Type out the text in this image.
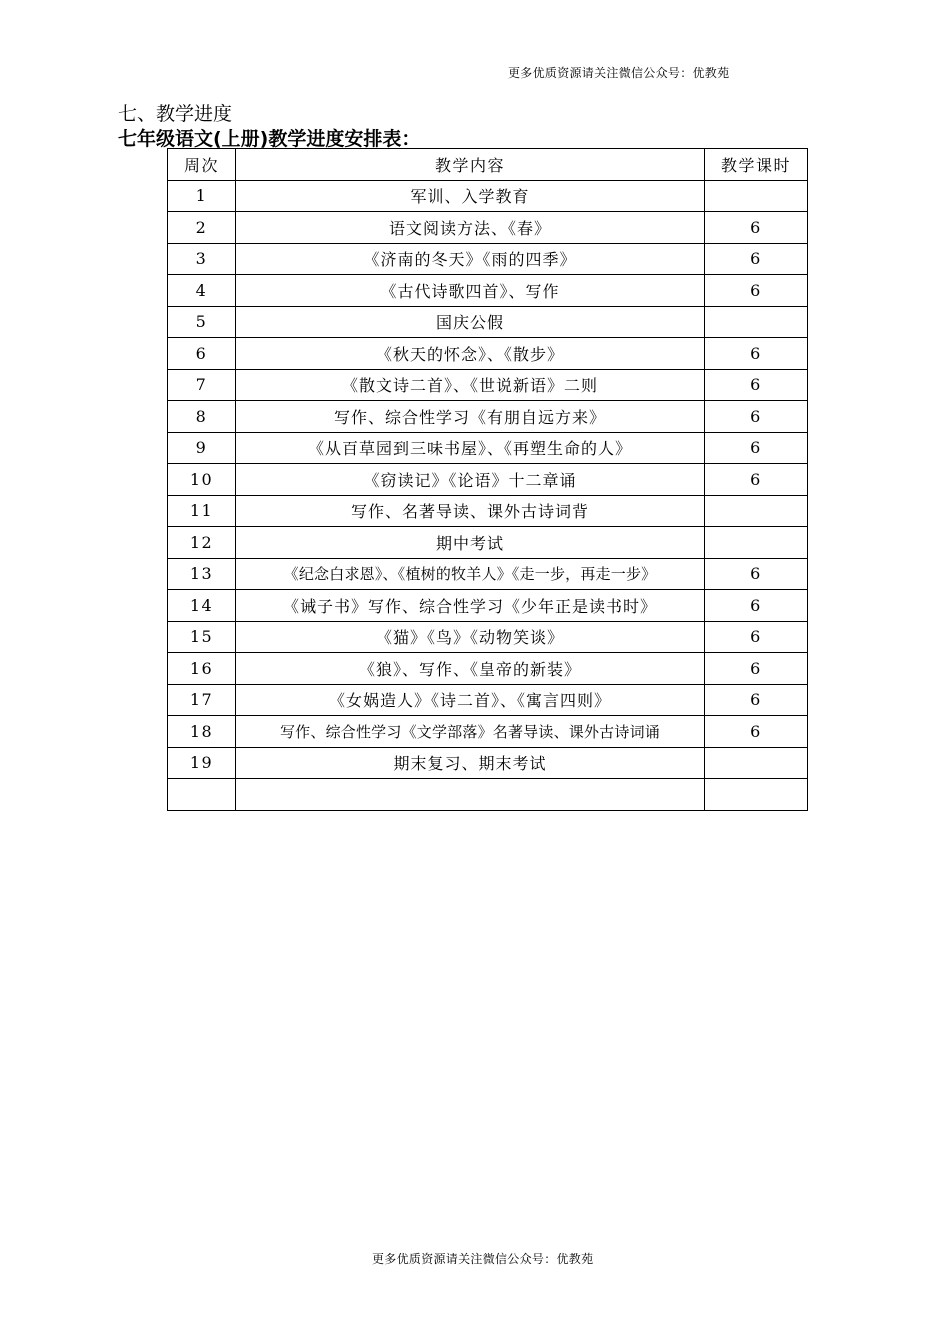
更多优质资源请关注微信公众号：优教苑
七、教学进度
七年级语文(上册)教学进度安排表：
周次	教学内容	教学课时
1	军训、入学教育	
2	语文阅读方法、《春》	6
3	《济南的冬天》《雨的四季》	6
4	《古代诗歌四首》、写作	6
5	国庆公假	
6	《秋天的怀念》、《散步》	6
7	《散文诗二首》、《世说新语》二则	6
8	写作、综合性学习《有朋自远方来》	6
9	《从百草园到三味书屋》、《再塑生命的人》	6
10	《窃读记》《论语》十二章诵	6
11	写作、名著导读、课外古诗词背	
12	期中考试	
13	《纪念白求恩》、《植树的牧羊人》《走一步，再走一步》	6
14	《诫子书》写作、综合性学习《少年正是读书时》	6
15	《猫》《鸟》《动物笑谈》	6
16	《狼》、写作、《皇帝的新装》	6
17	《女娲造人》《诗二首》、《寓言四则》	6
18	写作、综合性学习《文学部落》名著导读、课外古诗词诵	6
19	期末复习、期末考试	

更多优质资源请关注微信公众号：优教苑
